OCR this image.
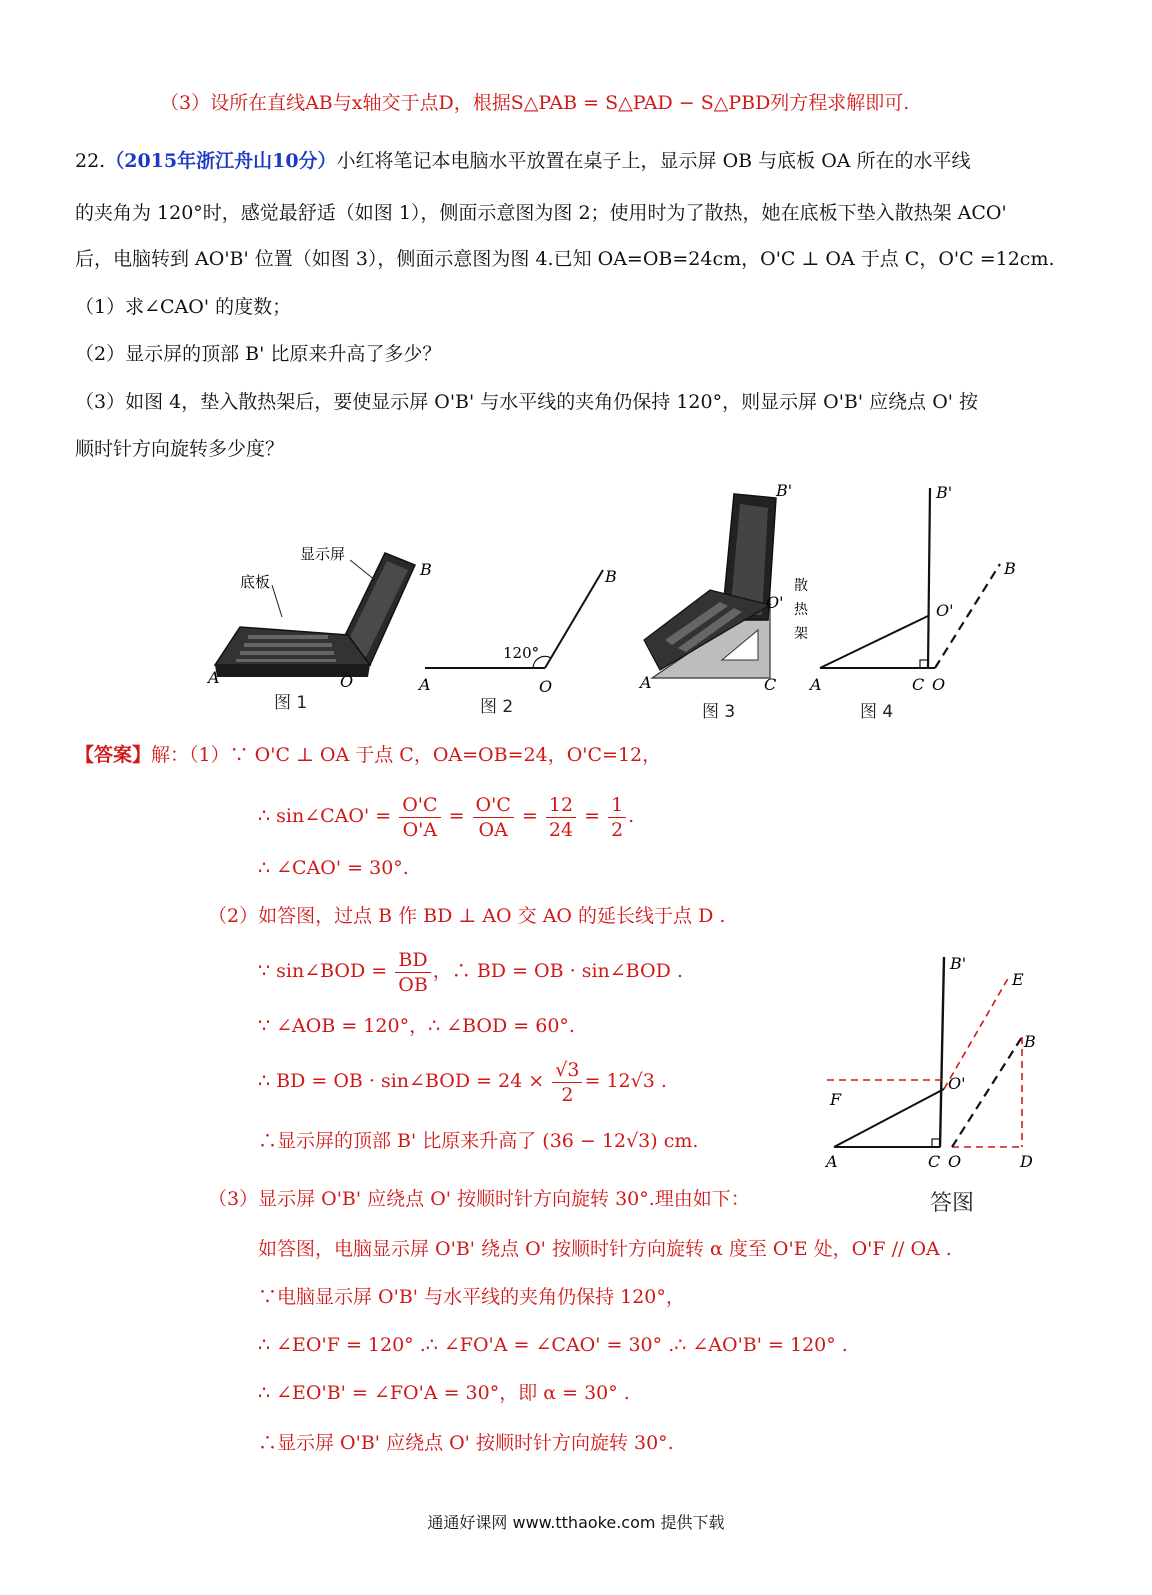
（3）设所在直线AB与x轴交于点D，根据S△PAB = S△PAD − S△PBD列方程求解即可.
22.（2015年浙江舟山10分）小红将笔记本电脑水平放置在桌子上，显示屏 OB 与底板 OA 所在的水平线
的夹角为 120°时，感觉最舒适（如图 1），侧面示意图为图 2；使用时为了散热，她在底板下垫入散热架 ACO'
后，电脑转到 AO'B' 位置（如图 3），侧面示意图为图 4.已知 OA=OB=24cm，O'C ⊥ OA 于点 C，O'C =12cm.
（1）求∠CAO' 的度数；
（2）显示屏的顶部 B' 比原来升高了多少？
（3）如图 4，垫入散热架后，要使显示屏 O'B' 与水平线的夹角仍保持 120°，则显示屏 O'B' 应绕点 O' 按
顺时针方向旋转多少度？
显示屏
底板
A	O
B
图 1
120°
A	O
B
图 2
散
热
架
A	C
B'
O'
图 3
A	C O
B'
O'
B
图 4
【答案】解：（1）∵ O'C ⊥ OA 于点 C，OA=OB=24，O'C=12，
∴ sin∠CAO' = $\frac{O'C}{O'A} = \frac{O'C}{OA} = \frac{12}{24} = \frac{1}{2}$ .
∴ ∠CAO' = 30°.
（2）如答图，过点 B 作 BD ⊥ AO 交 AO 的延长线于点 D .
∵ sin∠BOD = $\frac{BD}{OB}$ ，∴ BD = OB · sin∠BOD .
∵ ∠AOB = 120°，∴ ∠BOD = 60°.
∴ BD = OB · sin∠BOD = $24 \times \frac{√3}{2} = 12√3$ .
∴显示屏的顶部 B' 比原来升高了 (36 − 12√3) cm.
（3）显示屏 O'B' 应绕点 O' 按顺时针方向旋转 30°.理由如下：
如答图，电脑显示屏 O'B' 绕点 O' 按顺时针方向旋转 α 度至 O'E 处，O'F // OA .
∵电脑显示屏 O'B' 与水平线的夹角仍保持 120°，
∴ ∠EO'F = 120° .∴ ∠FO'A = ∠CAO' = 30° .∴ ∠AO'B' = 120° .
∴ ∠EO'B' = ∠FO'A = 30°，即 α = 30° .
∴显示屏 O'B' 应绕点 O' 按顺时针方向旋转 30°.
F
A	C O	D
B'
O'
B
E
答图
通通好课网 www.tthaoke.com 提供下载
